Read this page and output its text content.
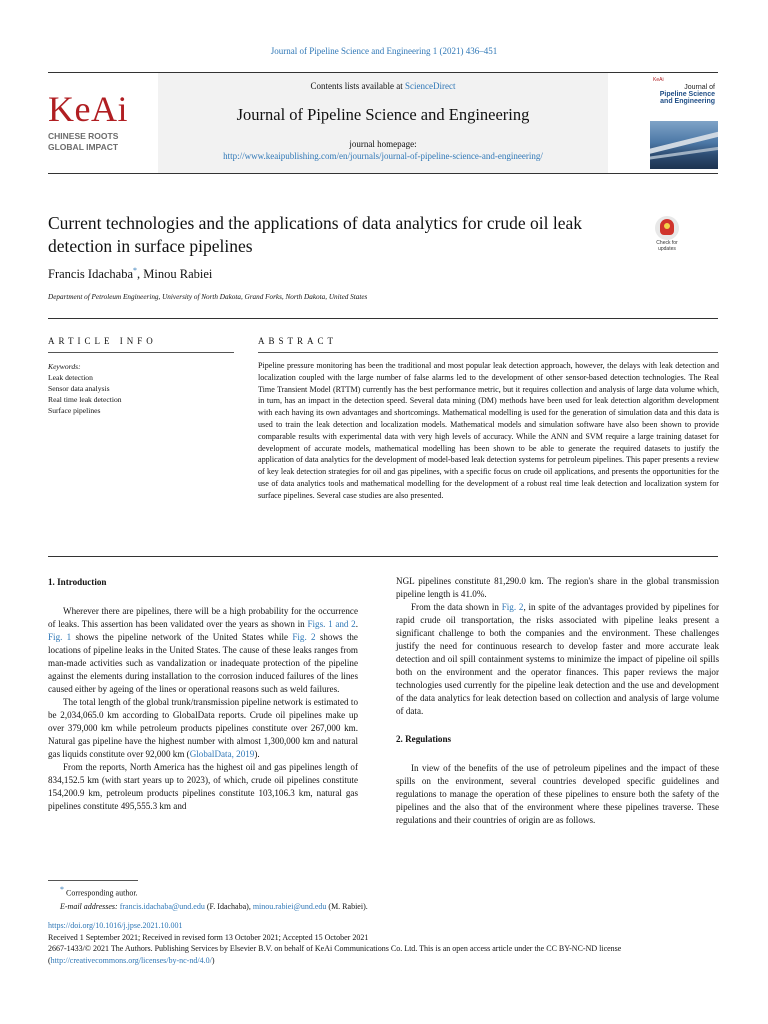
Journal of Pipeline Science and Engineering 1 (2021) 436–451
KeAi
CHINESE ROOTS
GLOBAL IMPACT
Contents lists available at ScienceDirect
Journal of Pipeline Science and Engineering
journal homepage:
http://www.keaipublishing.com/en/journals/journal-of-pipeline-science-and-engineering/
KeAi
Journal of
Pipeline Science
and Engineering
Current technologies and the applications of data analytics for crude oil leak detection in surface pipelines	Check for
updates
Francis Idachaba*, Minou Rabiei
Department of Petroleum Engineering, University of North Dakota, Grand Forks, North Dakota, United States
ARTICLE INFO	ABSTRACT
Keywords:
Leak detection
Sensor data analysis
Real time leak detection
Surface pipelines
Pipeline pressure monitoring has been the traditional and most popular leak detection approach, however, the delays with leak detection and localization coupled with the large number of false alarms led to the development of other sensor-based detection technologies. The Real Time Transient Model (RTTM) currently has the best performance metric, but it requires collection and analysis of large data volume which, in turn, has an impact in the detection speed. Several data mining (DM) methods have been used for leak detection algorithm development with each having its own advantages and shortcomings. Mathematical modelling is used for the generation of simulation data and this data is used to train the leak detection and localization models. Mathematical models and simulation software have also been shown to provide comparable results with experimental data with very high levels of accuracy. While the ANN and SVM require a large training dataset for development of accurate models, mathematical modelling has been shown to be able to generate the required datasets to justify the application of data analytics for the development of model-based leak detection systems for petroleum pipelines. This paper presents a review of key leak detection strategies for oil and gas pipelines, with a specific focus on crude oil applications, and presents the opportunities for the use of data analytics tools and mathematical modelling for the development of a robust real time leak detection and localization system for surface pipelines. Several case studies are also presented.
1. Introduction

Wherever there are pipelines, there will be a high probability for the occurrence of leaks. This assertion has been validated over the years as shown in Figs. 1 and 2. Fig. 1 shows the pipeline network of the United States while Fig. 2 shows the locations of pipeline leaks in the United States. The cause of these leaks ranges from man-made activities such as vandalization or inadequate protection of the pipeline against the elements during installation to the corrosion induced failures of the lines caused either by ageing of the lines or operational reasons such as weld failures.

The total length of the global trunk/transmission pipeline network is estimated to be 2,034,065.0 km according to GlobalData reports. Crude oil pipelines make up over 379,000 km while petroleum products pipelines constitute over 267,000 km. Natural gas pipeline have the highest number with almost 1,300,000 km and natural gas liquids constitute over 92,000 km (GlobalData, 2019).

From the reports, North America has the highest oil and gas pipelines length of 834,152.5 km (with start years up to 2023), of which, crude oil pipelines constitute 154,200.9 km, petroleum products pipelines constitute 103,106.3 km, natural gas pipelines constitute 495,555.3 km and

NGL pipelines constitute 81,290.0 km. The region's share in the global transmission pipeline length is 41.0%.

From the data shown in Fig. 2, in spite of the advantages provided by pipelines for rapid crude oil transportation, the risks associated with pipeline leaks present a significant challenge to both the companies and the environment. These challenges justify the need for continuous research to develop faster and more accurate leak detection and oil spill containment systems to minimize the impact of pipeline oil spills both on the environment and the operator finances. This paper reviews the major technologies used currently for the pipeline leak detection and the use and development of the data analytics for leak detection based on collection and analysis of large volume of data.

2. Regulations

In view of the benefits of the use of petroleum pipelines and the impact of these spills on the environment, several countries developed specific guidelines and regulations to manage the operation of these pipelines to ensure both the safety of the pipelines and the also that of the environment where these pipelines traverse. These regulations and their countries of origin are as follows.

* Corresponding author.
E-mail addresses: francis.idachaba@und.edu (F. Idachaba), minou.rabiei@und.edu (M. Rabiei).
https://doi.org/10.1016/j.jpse.2021.10.001
Received 1 September 2021; Received in revised form 13 October 2021; Accepted 15 October 2021
2667-1433/© 2021 The Authors. Publishing Services by Elsevier B.V. on behalf of KeAi Communications Co. Ltd. This is an open access article under the CC BY-NC-ND license (http://creativecommons.org/licenses/by-nc-nd/4.0/)
